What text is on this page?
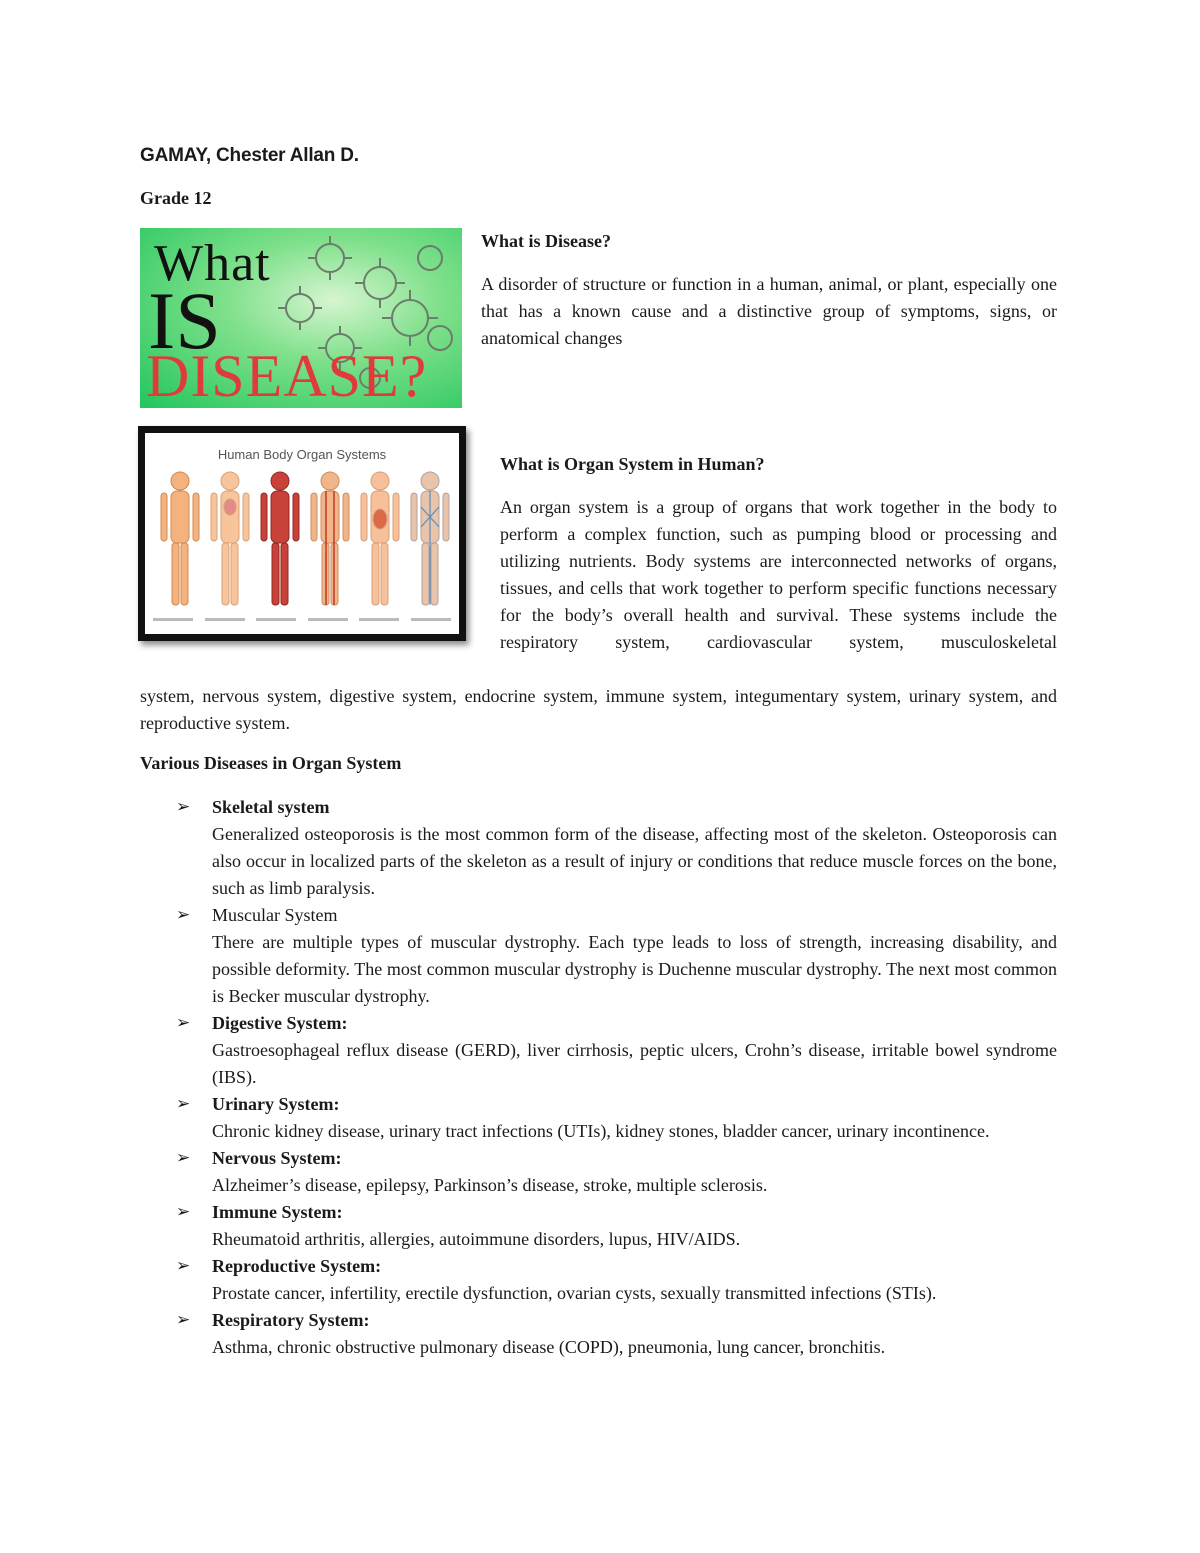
GAMAY, Chester Allan D.
Grade 12
What
IS
DISEASE?
Human Body Organ Systems
What is Disease?

A disorder of structure or function in a human, animal, or plant, especially one that has a known cause and a distinctive group of symptoms, signs, or anatomical changes

What is Organ System in Human?

An organ system is a group of organs that work together in the body to perform a complex function, such as pumping blood or processing and utilizing nutrients. Body systems are interconnected networks of organs, tissues, and cells that work together to perform specific functions necessary for the body’s overall health and survival. These systems include the respiratory system, cardiovascular system, musculoskeletal

system, nervous system, digestive system, endocrine system, immune system, integumentary system, urinary system, and reproductive system.

Various Diseases in Organ System
➢ Skeletal system
Generalized osteoporosis is the most common form of the disease, affecting most of the skeleton. Osteoporosis can also occur in localized parts of the skeleton as a result of injury or conditions that reduce muscle forces on the bone, such as limb paralysis.
➢ Muscular System
There are multiple types of muscular dystrophy. Each type leads to loss of strength, increasing disability, and possible deformity. The most common muscular dystrophy is Duchenne muscular dystrophy. The next most common is Becker muscular dystrophy.
➢ Digestive System:
Gastroesophageal reflux disease (GERD), liver cirrhosis, peptic ulcers, Crohn’s disease, irritable bowel syndrome (IBS).
➢ Urinary System:
Chronic kidney disease, urinary tract infections (UTIs), kidney stones, bladder cancer, urinary incontinence.
➢ Nervous System:
Alzheimer’s disease, epilepsy, Parkinson’s disease, stroke, multiple sclerosis.
➢ Immune System:
Rheumatoid arthritis, allergies, autoimmune disorders, lupus, HIV/AIDS.
➢ Reproductive System:
Prostate cancer, infertility, erectile dysfunction, ovarian cysts, sexually transmitted infections (STIs).
➢ Respiratory System:
Asthma, chronic obstructive pulmonary disease (COPD), pneumonia, lung cancer, bronchitis.
